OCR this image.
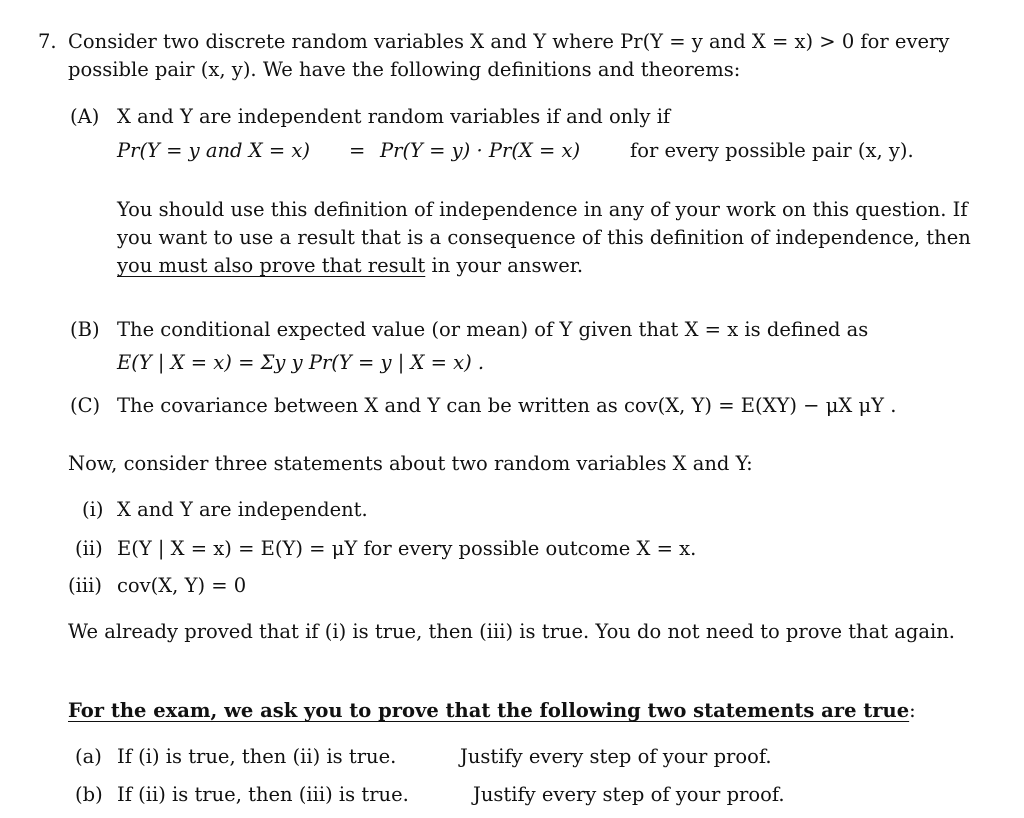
7. Consider two discrete random variables X and Y where Pr(Y = y and X = x) > 0 for every
possible pair (x, y). We have the following definitions and theorems:
(A) X and Y are independent random variables if and only if
Pr(Y = y and X = x) = Pr(Y = y) · Pr(X = x)	for every possible pair (x, y).
You should use this definition of independence in any of your work on this question. If
you want to use a result that is a consequence of this definition of independence, then
you must also prove that result in your answer.
(B) The conditional expected value (or mean) of Y given that X = x is defined as
E(Y | X = x) = Σy y Pr(Y = y | X = x) .
(C) The covariance between X and Y can be written as cov(X, Y) = E(XY) − μX μY .
Now, consider three statements about two random variables X and Y:
(i) X and Y are independent.
(ii) E(Y | X = x) = E(Y) = μY for every possible outcome X = x.
(iii) cov(X, Y) = 0
We already proved that if (i) is true, then (iii) is true. You do not need to prove that again.
For the exam, we ask you to prove that the following two statements are true:
(a) If (i) is true, then (ii) is true.	Justify every step of your proof.
(b) If (ii) is true, then (iii) is true.	Justify every step of your proof.
